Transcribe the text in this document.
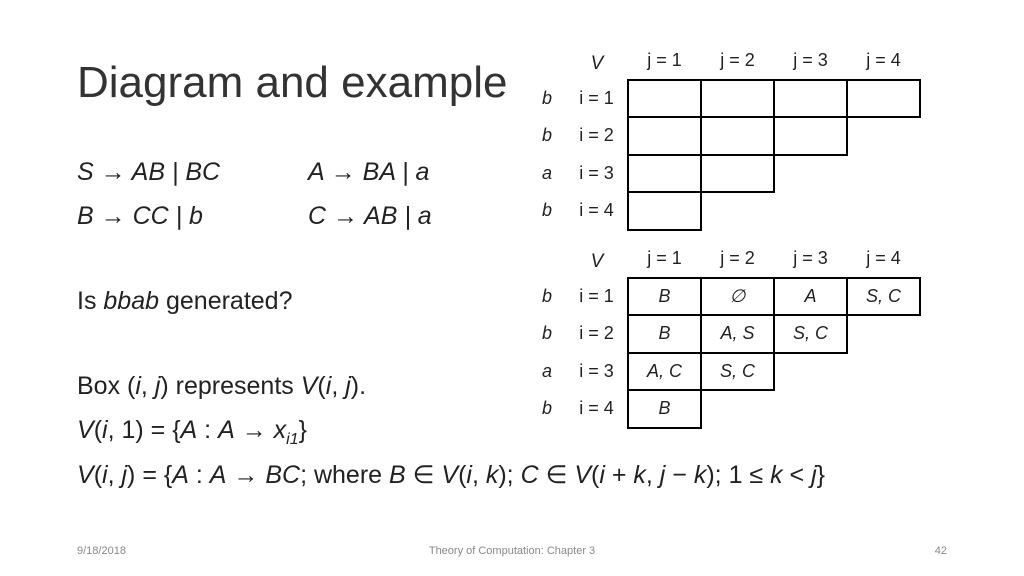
Diagram and example
S → AB | BC	A → BA | a
B → CC | b	C → AB | a
Is bbab generated?
Box (i, j) represents V(i, j).
V(i, 1) = {A : $A \to x_{i1}$}
V(i, j) = {A : A → BC; where B ∈ V(i, k); C ∈ V(i + k, j − k); 1 ≤ k < j}
	V	j = 1	j = 2	j = 3	j = 4
b	i = 1				
b	i = 2				
a	i = 3				
b	i = 4				
	V	j = 1	j = 2	j = 3	j = 4
b	i = 1	B	∅	A	S, C
b	i = 2	B	A, S	S, C	
a	i = 3	A, C	S, C		
b	i = 4	B			
9/18/2018	Theory of Computation: Chapter 3	42
